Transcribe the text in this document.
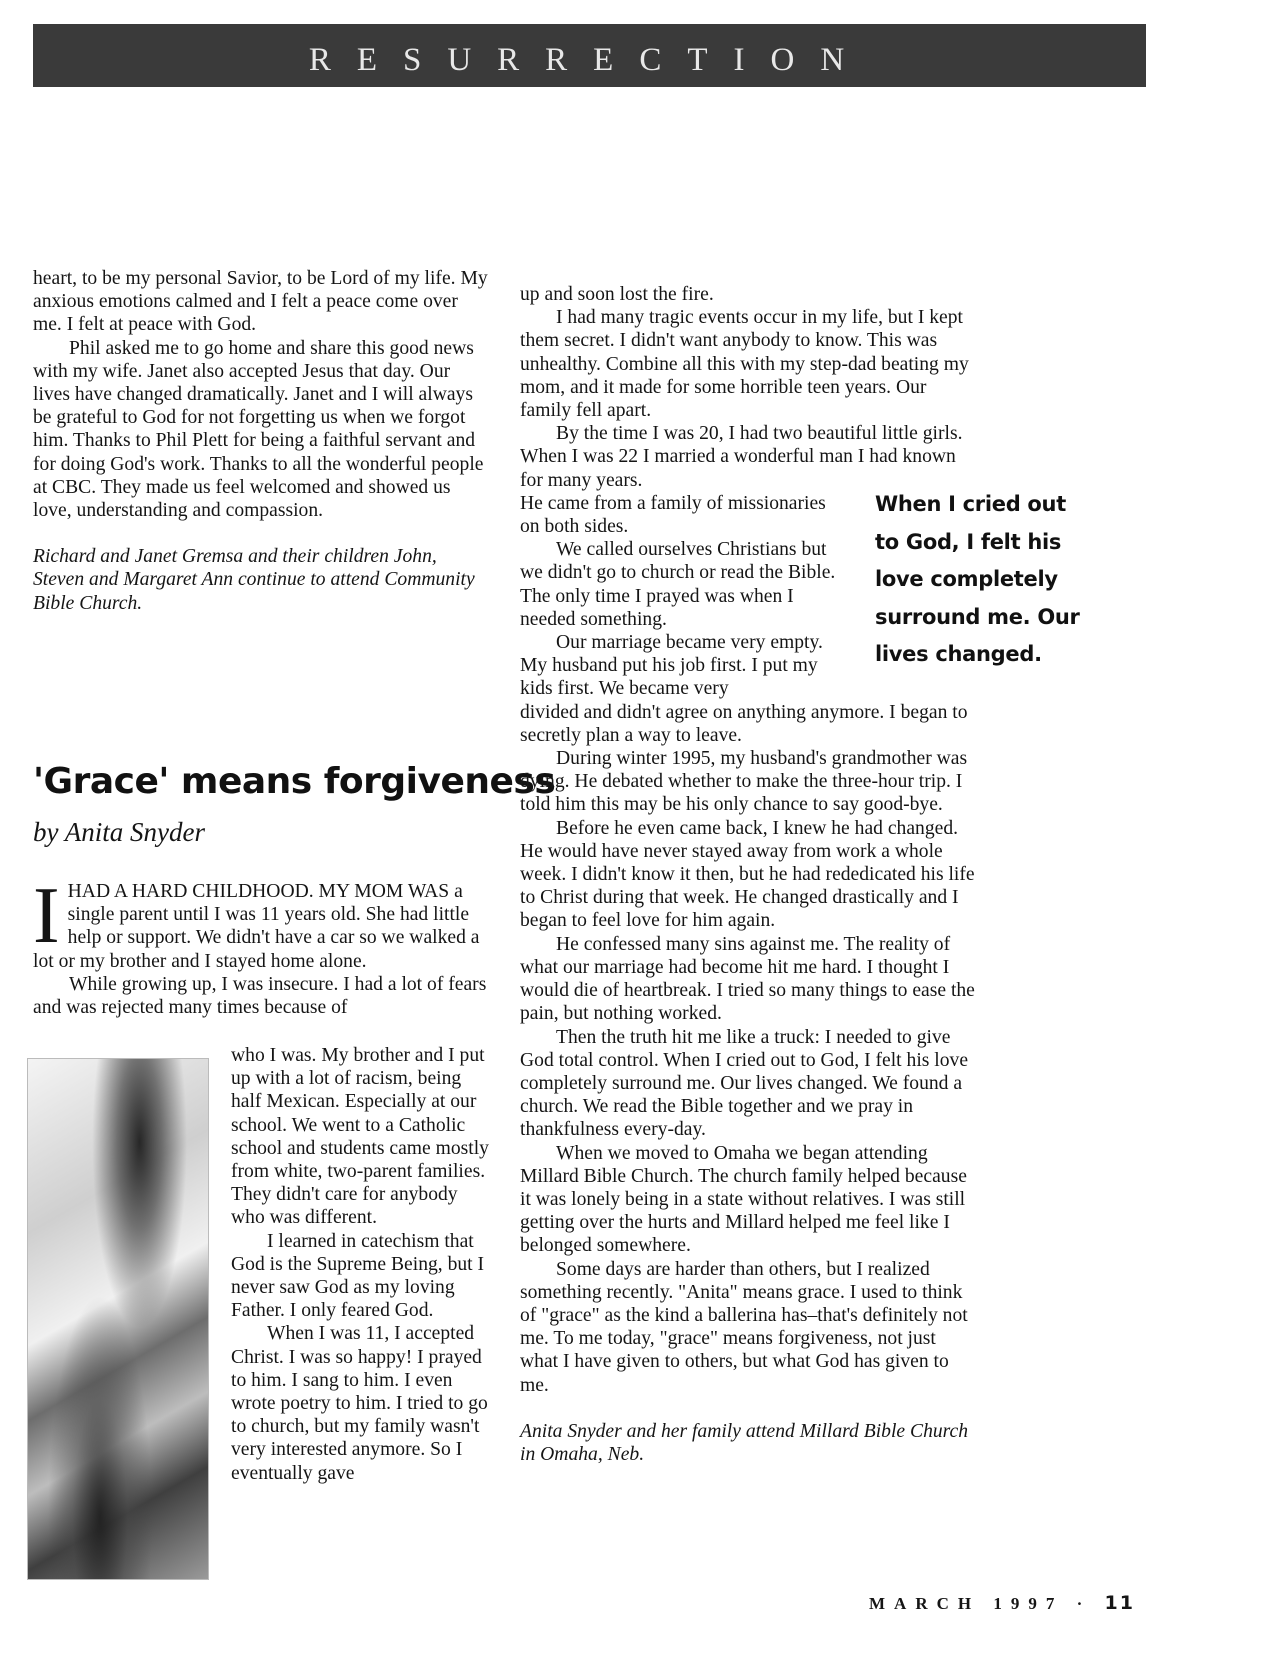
RESURRECTION

heart, to be my personal Savior, to be Lord of my life. My anxious emotions calmed and I felt a peace come over me. I felt at peace with God.

Phil asked me to go home and share this good news with my wife. Janet also accepted Jesus that day. Our lives have changed dramatically. Janet and I will always be grateful to God for not forgetting us when we forgot him. Thanks to Phil Plett for being a faithful servant and for doing God's work. Thanks to all the wonderful people at CBC. They made us feel welcomed and showed us love, understanding and compassion.

Richard and Janet Gremsa and their children John, Steven and Margaret Ann continue to attend Community Bible Church.

'Grace' means forgiveness
by Anita Snyder

IHAD A HARD CHILDHOOD. MY MOM WAS a single parent until I was 11 years old. She had little help or support. We didn't have a car so we walked a lot or my brother and I stayed home alone.

While growing up, I was insecure. I had a lot of fears and was rejected many times because of

who I was. My brother and I put up with a lot of racism, being half Mexican. Especially at our school. We went to a Catholic school and students came mostly from white, two-parent families. They didn't care for anybody who was different.

I learned in catechism that God is the Supreme Being, but I never saw God as my loving Father. I only feared God.

When I was 11, I accepted Christ. I was so happy! I prayed to him. I sang to him. I even wrote poetry to him. I tried to go to church, but my family wasn't very interested anymore. So I eventually gave

up and soon lost the fire.

I had many tragic events occur in my life, but I kept them secret. I didn't want anybody to know. This was unhealthy. Combine all this with my step-dad beating my mom, and it made for some horrible teen years. Our family fell apart.

By the time I was 20, I had two beautiful little girls. When I was 22 I married a wonderful man I had known for many years.

He came from a family of missionaries on both sides.

We called ourselves Christians but we didn't go to church or read the Bible. The only time I prayed was when I needed something.

Our marriage became very empty. My husband put his job first. I put my kids first. We became very

divided and didn't agree on anything anymore. I began to secretly plan a way to leave.

During winter 1995, my husband's grandmother was dying. He debated whether to make the three-hour trip. I told him this may be his only chance to say good-bye.

Before he even came back, I knew he had changed. He would have never stayed away from work a whole week. I didn't know it then, but he had rededicated his life to Christ during that week. He changed drastically and I began to feel love for him again.

He confessed many sins against me. The reality of what our marriage had become hit me hard. I thought I would die of heartbreak. I tried so many things to ease the pain, but nothing worked.

Then the truth hit me like a truck: I needed to give God total control. When I cried out to God, I felt his love completely surround me. Our lives changed. We found a church. We read the Bible together and we pray in thankfulness every-day.

When we moved to Omaha we began attending Millard Bible Church. The church family helped because it was lonely being in a state without relatives. I was still getting over the hurts and Millard helped me feel like I belonged somewhere.

Some days are harder than others, but I realized something recently. "Anita" means grace. I used to think of "grace" as the kind a ballerina has–that's definitely not me. To me today, "grace" means forgiveness, not just what I have given to others, but what God has given to me.

Anita Snyder and her family attend Millard Bible Church in Omaha, Neb.

When I cried out to God, I felt his love completely surround me. Our lives changed.
MARCH 1997 · 11
